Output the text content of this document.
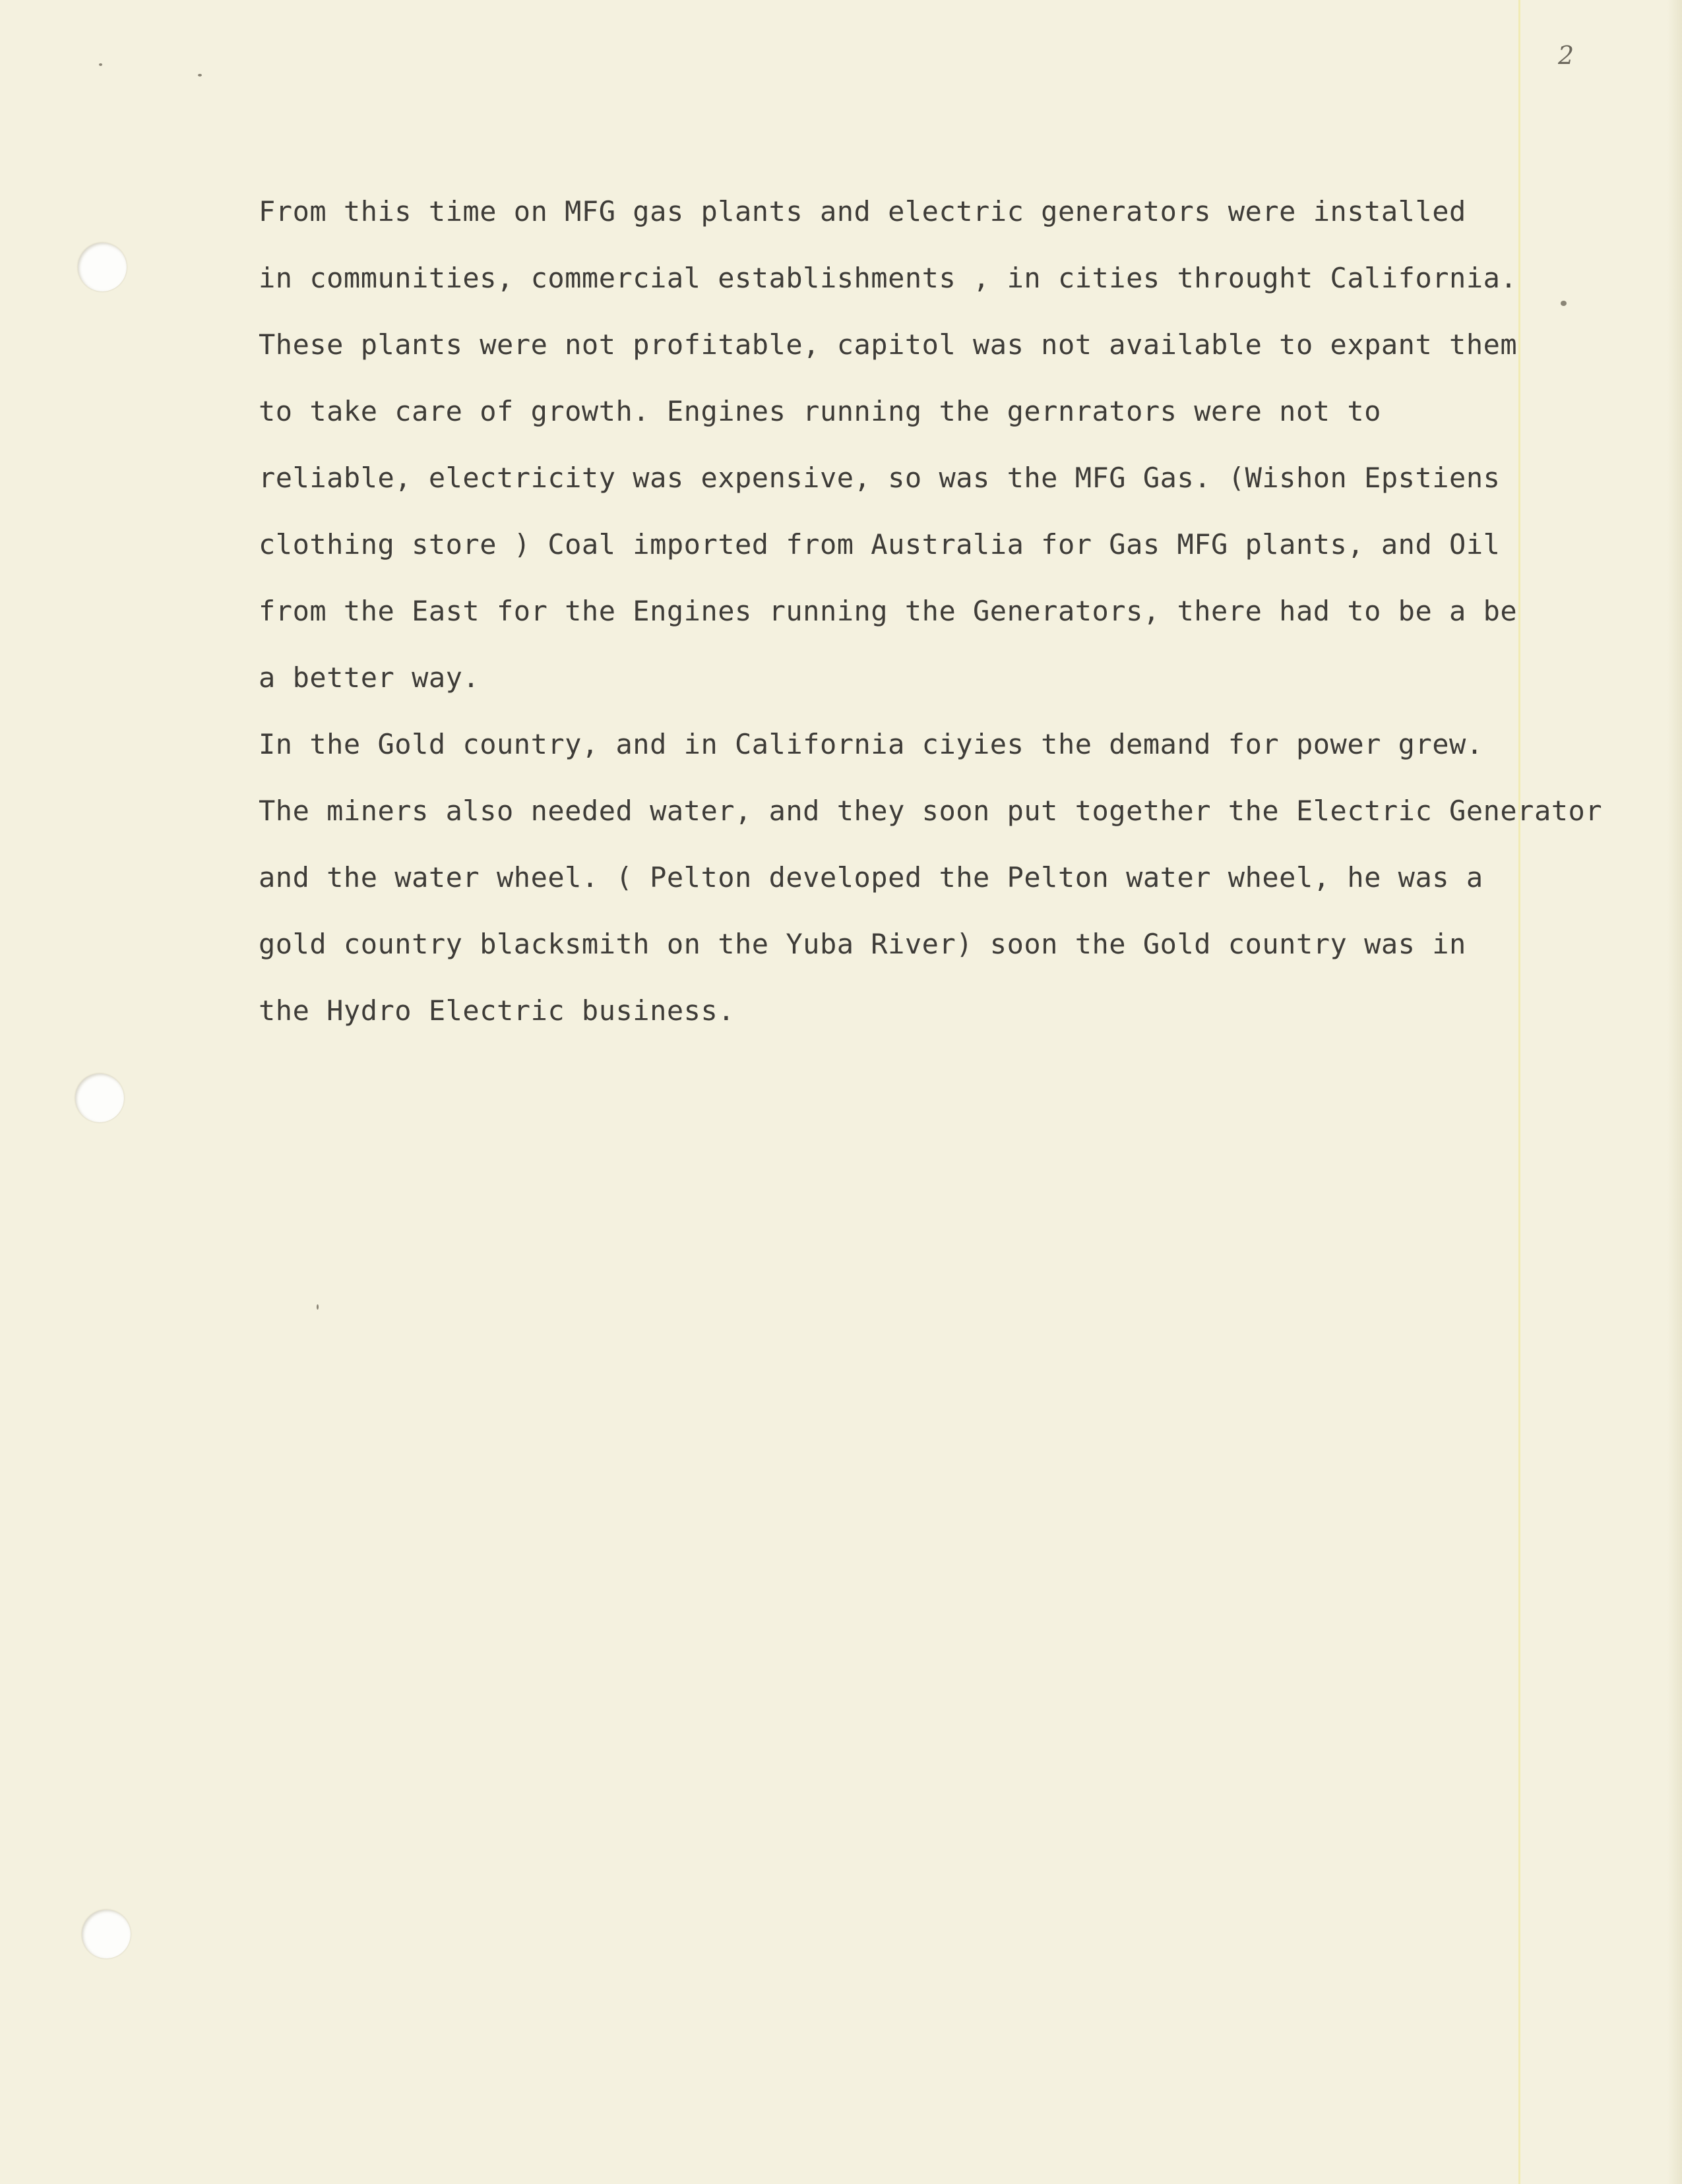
2
From this time on MFG gas plants and electric generators were installed
in communities, commercial establishments , in cities throught California.
These plants were not profitable, capitol was not available to expant them
to take care of growth. Engines running the gernrators were not to
reliable, electricity was expensive, so was the MFG Gas. (Wishon Epstiens
clothing store ) Coal imported from Australia for Gas MFG plants, and Oil
from the East for the Engines running the Generators, there had to be a be
a better way.
In the Gold country, and in California ciyies the demand for power grew.
The miners also needed water, and they soon put together the Electric Generator
and the water wheel. ( Pelton developed the Pelton water wheel, he was a
gold country blacksmith on the Yuba River) soon the Gold country was in
the Hydro Electric business.
